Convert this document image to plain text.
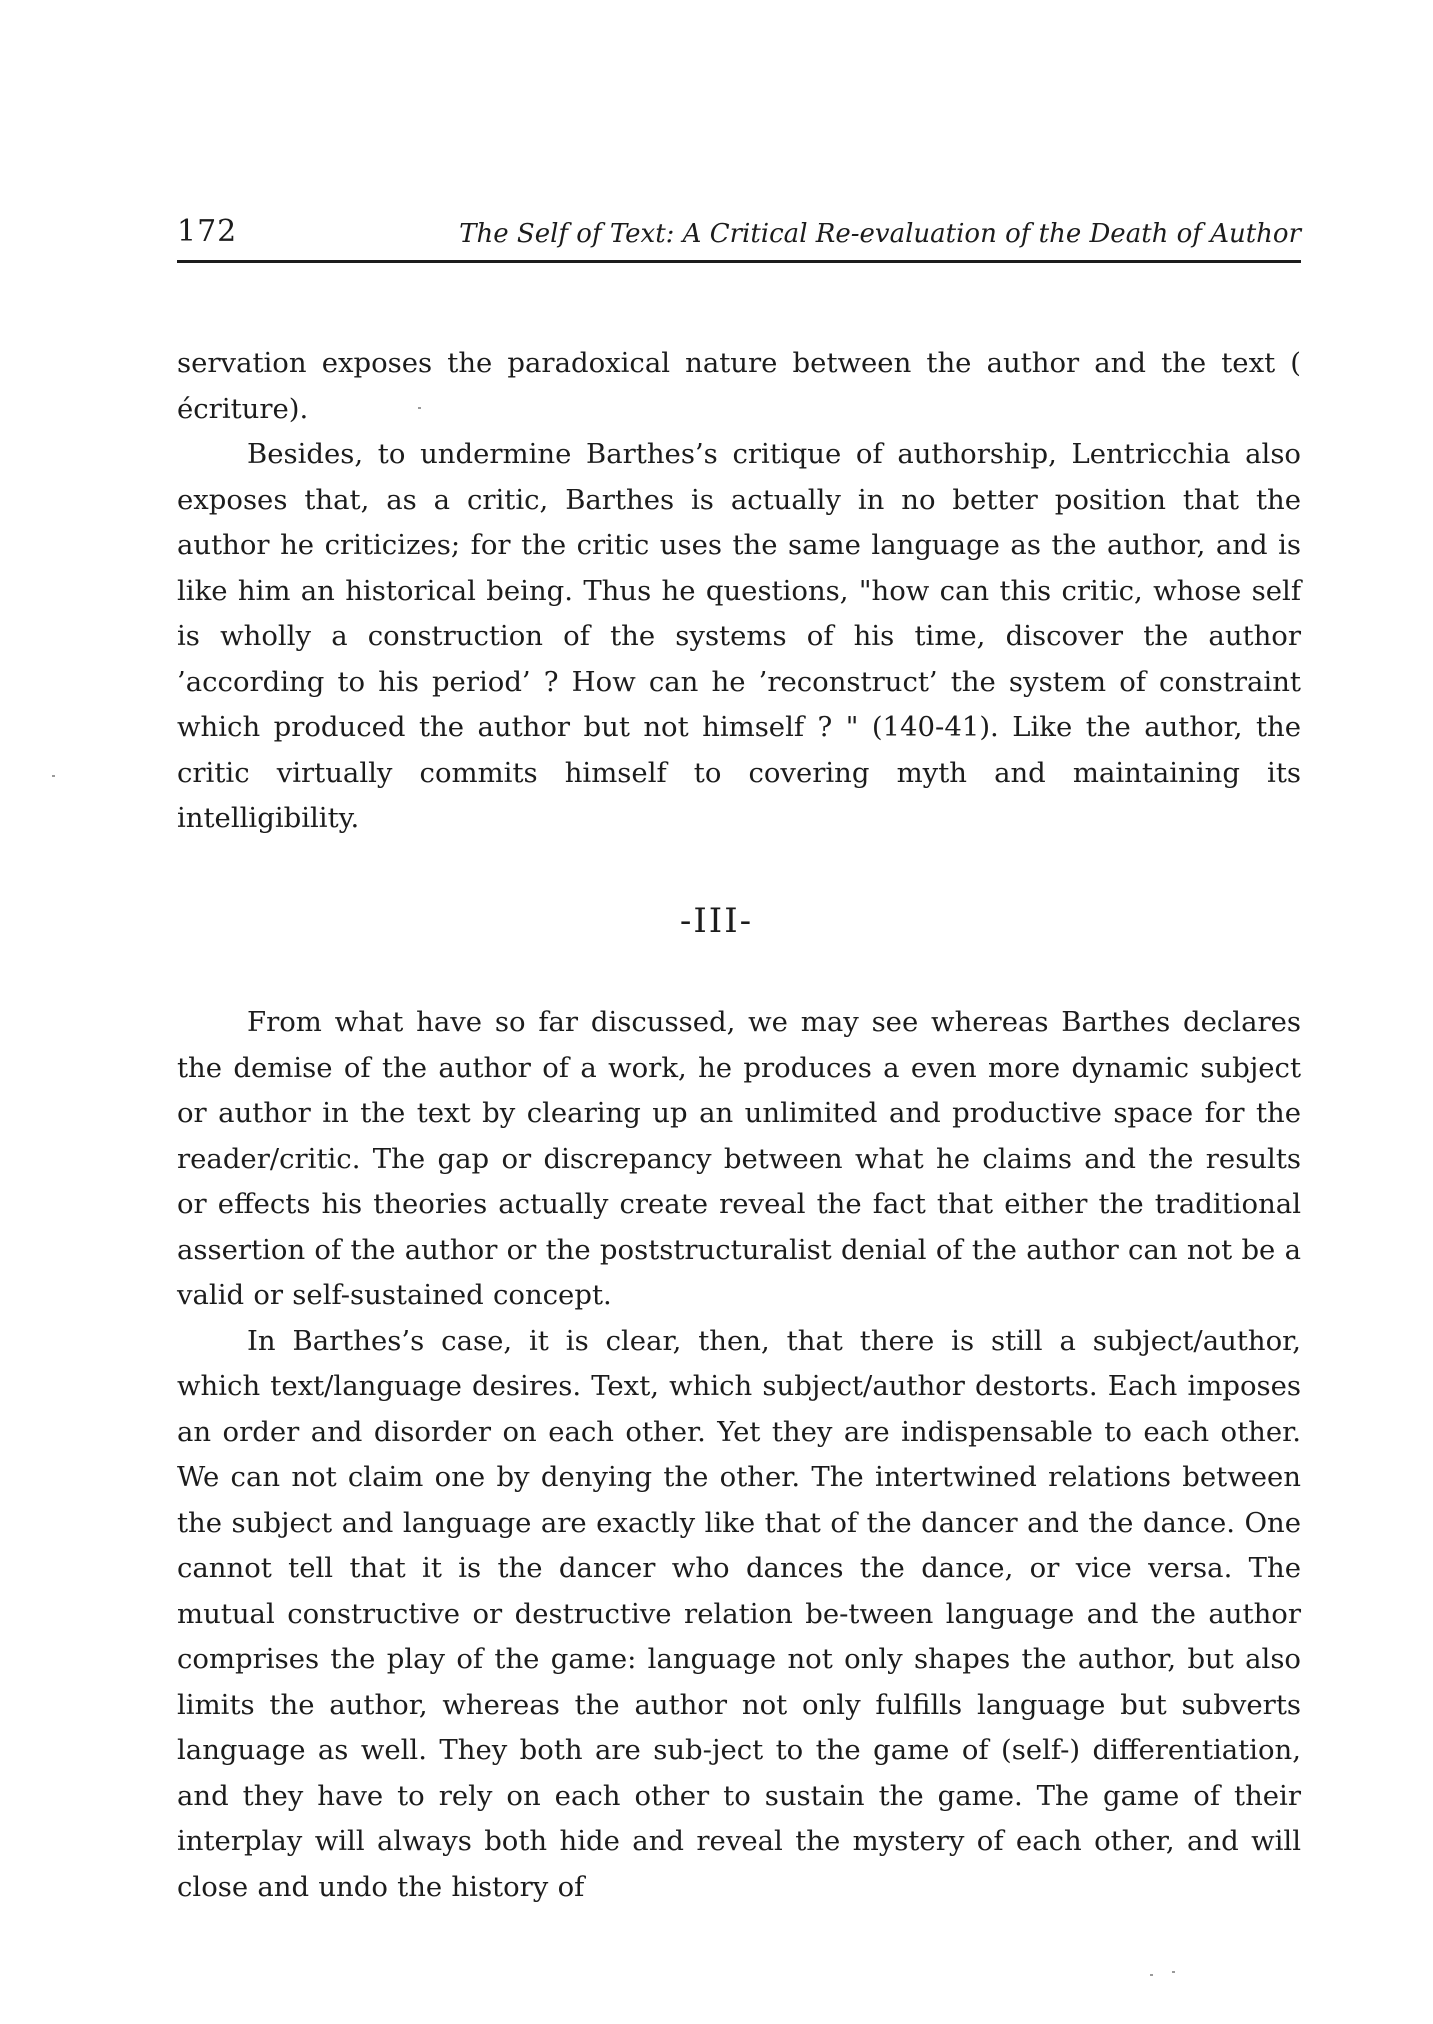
172	The Self of Text: A Critical Re-evaluation of the Death of Author

servation exposes the paradoxical nature between the author and the text ( écriture).

Besides, to undermine Barthes’s critique of authorship, Lentricchia also exposes that, as a critic, Barthes is actually in no better position that the author he criticizes; for the critic uses the same language as the author, and is like him an historical being. Thus he questions, "how can this critic, whose self is wholly a construction of the systems of his time, discover the author ’according to his period’ ? How can he ’reconstruct’ the system of constraint which produced the author but not himself ? " (140-41). Like the author, the critic virtually commits himself to covering myth and maintaining its intelligibility.

-III-

From what have so far discussed, we may see whereas Barthes declares the demise of the author of a work, he produces a even more dynamic subject or author in the text by clearing up an unlimited and productive space for the reader/critic. The gap or discrepancy between what he claims and the results or effects his theories actually create reveal the fact that either the traditional assertion of the author or the poststructuralist denial of the author can not be a valid or self-sustained concept.

In Barthes’s case, it is clear, then, that there is still a subject/author, which text/language desires. Text, which subject/author destorts. Each imposes an order and disorder on each other. Yet they are indispensable to each other. We can not claim one by denying the other. The intertwined relations between the subject and language are exactly like that of the dancer and the dance. One cannot tell that it is the dancer who dances the dance, or vice versa. The mutual constructive or destructive relation be-tween language and the author comprises the play of the game: language not only shapes the author, but also limits the author, whereas the author not only fulfills language but subverts language as well. They both are sub-ject to the game of (self-) differentiation, and they have to rely on each other to sustain the game. The game of their interplay will always both hide and reveal the mystery of each other, and will close and undo the history of
